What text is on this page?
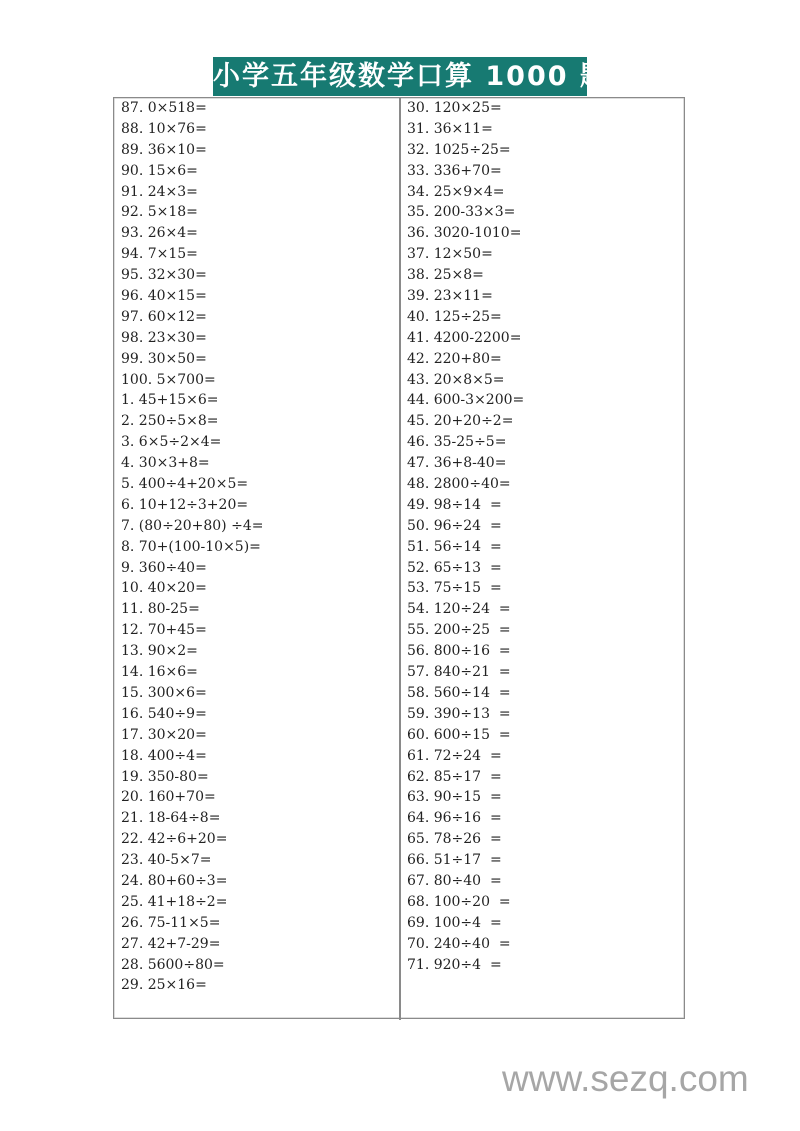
小学五年级数学口算 1000 题
87. 0×518=
88. 10×76=
89. 36×10=
90. 15×6=
91. 24×3=
92. 5×18=
93. 26×4=
94. 7×15=
95. 32×30=
96. 40×15=
97. 60×12=
98. 23×30=
99. 30×50=
100. 5×700=
1. 45+15×6=
2. 250÷5×8=
3. 6×5÷2×4=
4. 30×3+8=
5. 400÷4+20×5=
6. 10+12÷3+20=
7. (80÷20+80) ÷4=
8. 70+(100-10×5)=
9. 360÷40=
10. 40×20=
11. 80-25=
12. 70+45=
13. 90×2=
14. 16×6=
15. 300×6=
16. 540÷9=
17. 30×20=
18. 400÷4=
19. 350-80=
20. 160+70=
21. 18-64÷8=
22. 42÷6+20=
23. 40-5×7=
24. 80+60÷3=
25. 41+18÷2=
26. 75-11×5=
27. 42+7-29=
28. 5600÷80=
29. 25×16=
30. 120×25=
31. 36×11=
32. 1025÷25=
33. 336+70=
34. 25×9×4=
35. 200-33×3=
36. 3020-1010=
37. 12×50=
38. 25×8=
39. 23×11=
40. 125÷25=
41. 4200-2200=
42. 220+80=
43. 20×8×5=
44. 600-3×200=
45. 20+20÷2=
46. 35-25÷5=
47. 36+8-40=
48. 2800÷40=
49. 98÷14  =
50. 96÷24  =
51. 56÷14  =
52. 65÷13  =
53. 75÷15  =
54. 120÷24  =
55. 200÷25  =
56. 800÷16  =
57. 840÷21  =
58. 560÷14  =
59. 390÷13  =
60. 600÷15  =
61. 72÷24  =
62. 85÷17  =
63. 90÷15  =
64. 96÷16  =
65. 78÷26  =
66. 51÷17  =
67. 80÷40  =
68. 100÷20  =
69. 100÷4  =
70. 240÷40  =
71. 920÷4  =
www.sezq.com
